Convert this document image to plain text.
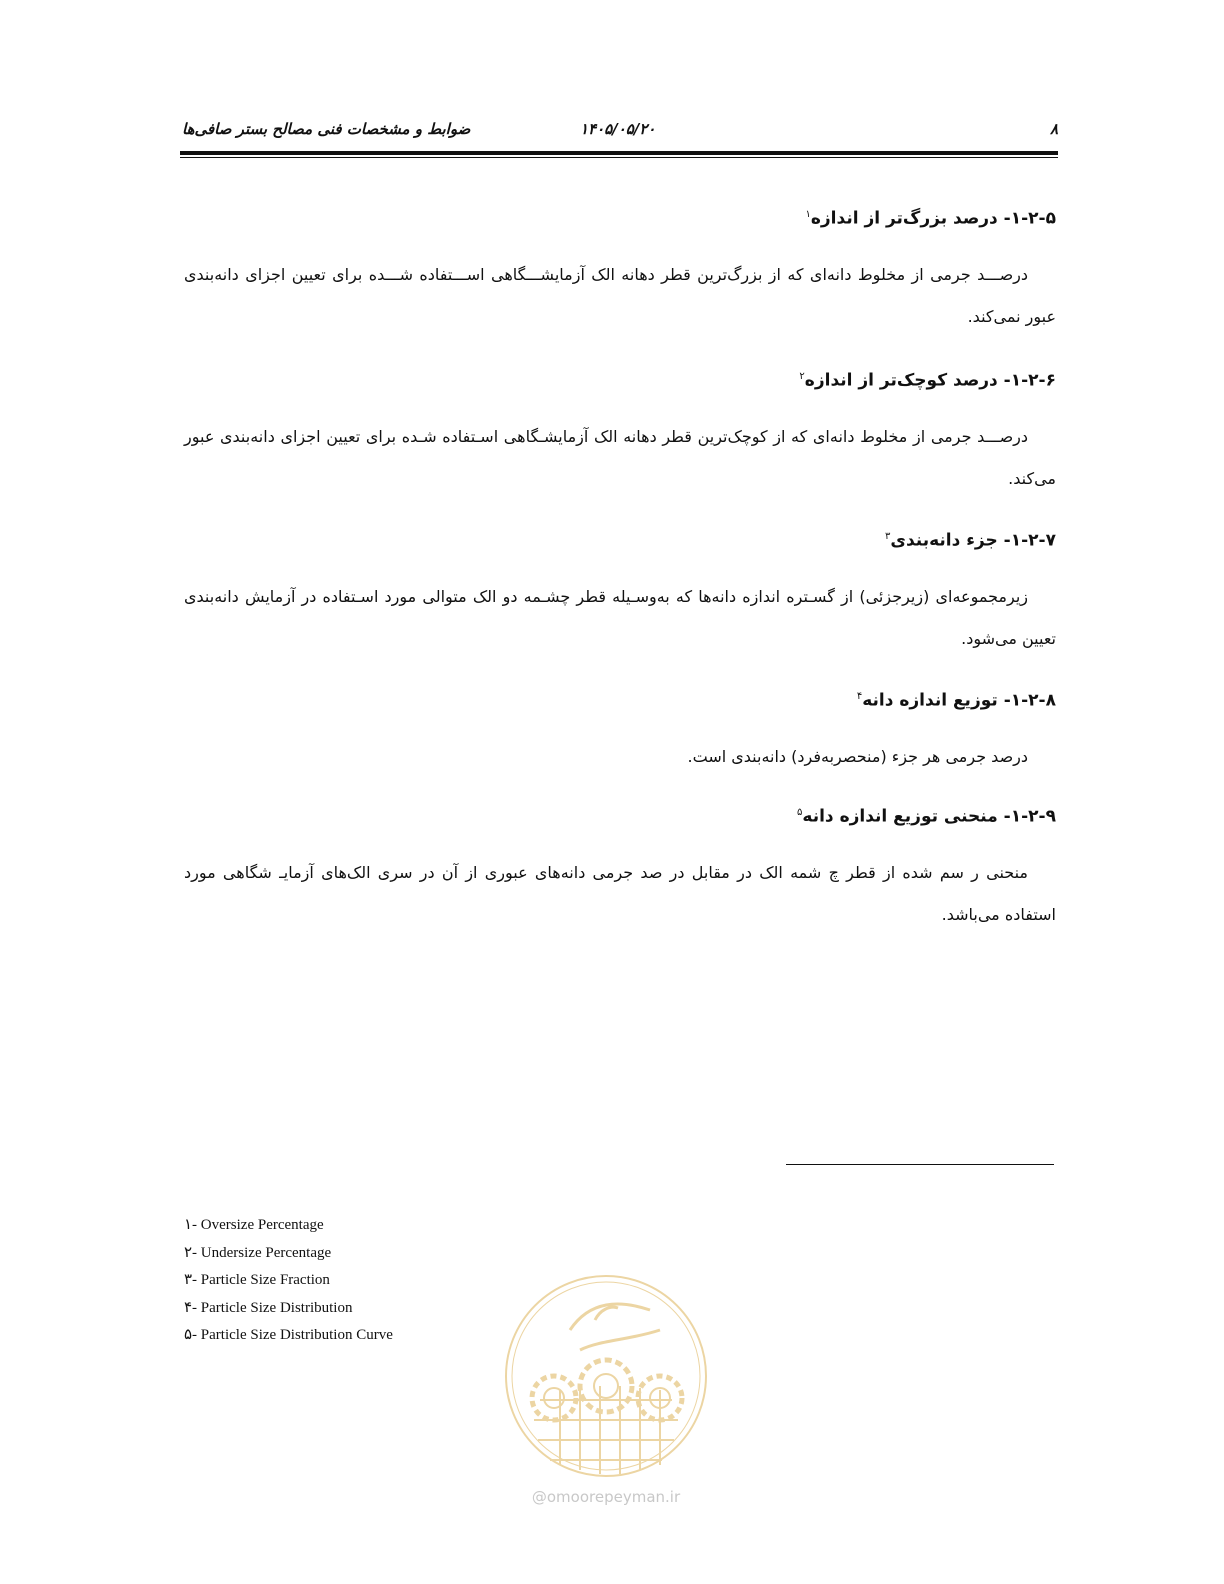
۸
۱۴۰۵/۰۵/۲۰
ضوابط و مشخصات فنی مصالح بستر صافی‌ها
۱-۲-۵- درصد بزرگ‌تر از اندازه$^۱$

درصـــد جرمی از مخلوط دانه‌ای که از بزرگ‌ترین قطر دهانه الک آزمایشـــگاهی اســـتفاده شـــده برای تعیین اجزای دانه‌بندی عبور نمی‌کند.

۱-۲-۶- درصد کوچک‌تر از اندازه$^۲$

درصـــد جرمی از مخلوط دانه‌ای که از کوچک‌ترین قطر دهانه الک آزمایشـگاهی اسـتفاده شـده برای تعیین اجزای دانه‌بندی عبور می‌کند.

۱-۲-۷- جزء دانه‌بندی$^۳$

زیرمجموعه‌ای (زیرجزئی) از گسـتره اندازه دانه‌ها که به‌وسـیله قطر چشـمه دو الک متوالی مورد اسـتفاده در آزمایش دانه‌بندی تعیین می‌شود.

۱-۲-۸- توزیع اندازه دانه$^۴$

درصد جرمی هر جزء (منحصربه‌فرد) دانه‌بندی است.

۱-۲-۹- منحنی توزیع اندازه دانه$^۵$

منحنی ر سم شده از قطر چ شمه الک در مقابل در صد جرمی دانه‌های عبوری از آن در سری الک‌های آزمایـ شگاهی مورد استفاده می‌باشد.

۱- Oversize Percentage
۲- Undersize Percentage
۳- Particle Size Fraction
۴- Particle Size Distribution
۵- Particle Size Distribution Curve
@omoorepeyman.ir
